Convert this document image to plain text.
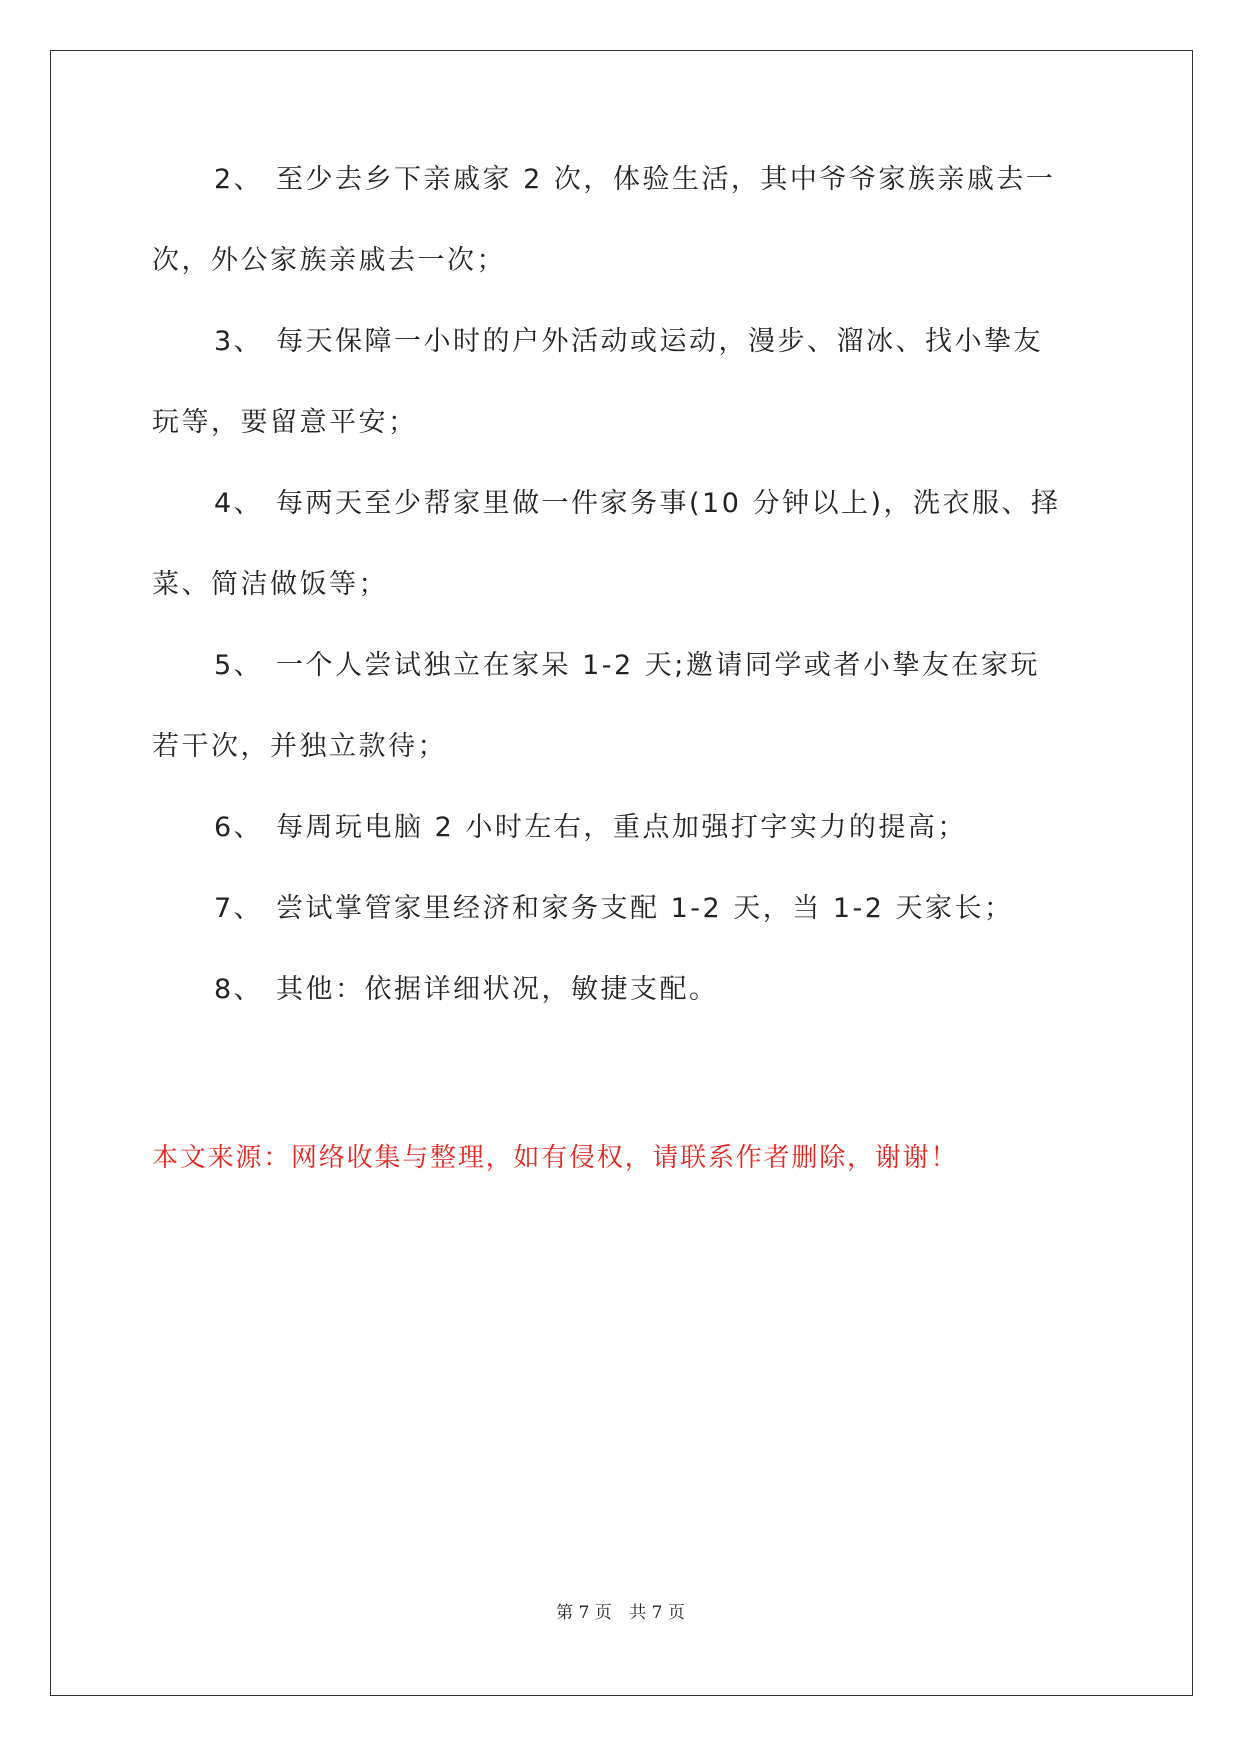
2、 至少去乡下亲戚家 2 次，体验生活，其中爷爷家族亲戚去一
次，外公家族亲戚去一次；
3、 每天保障一小时的户外活动或运动，漫步、溜冰、找小挚友
玩等，要留意平安；
4、 每两天至少帮家里做一件家务事(10 分钟以上)，洗衣服、择
菜、简洁做饭等；
5、 一个人尝试独立在家呆 1-2 天;邀请同学或者小挚友在家玩
若干次，并独立款待；
6、 每周玩电脑 2 小时左右，重点加强打字实力的提高；
7、 尝试掌管家里经济和家务支配 1-2 天，当 1-2 天家长；
8、 其他：依据详细状况，敏捷支配。
本文来源：网络收集与整理，如有侵权，请联系作者删除，谢谢！
第 7 页 共 7 页
